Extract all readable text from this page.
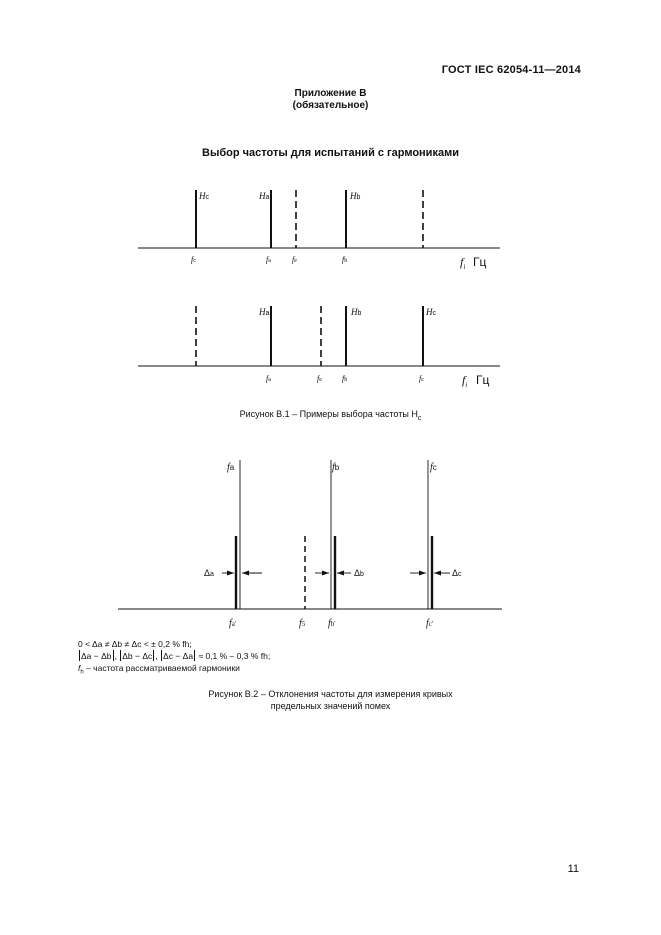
ГОСТ IEC 62054-11—2014
Приложение В
(обязательное)
Выбор частоты для испытаний с гармониками
Hc	Ha	Hb
fc	fa	fe	fb	$f_i$ Гц
Ha	Hb	Hc
fa	fe	fb	fc	$f_i$ Гц
fa	fb	fc
Δa	Δb	Δc
fa'	f5 fb'	fc'
Рисунок В.1 – Примеры выбора частоты $H_c$
0 < Δa ≠ Δb ≠ Δc < ± 0,2 % fh;
Δa − Δb , Δb − Δc , Δc − Δa ≈ 0,1 % – 0,3 % fh;
$f_h$ – частота рассматриваемой гармоники
Рисунок В.2 – Отклонения частоты для измерения кривых
предельных значений помех
11
